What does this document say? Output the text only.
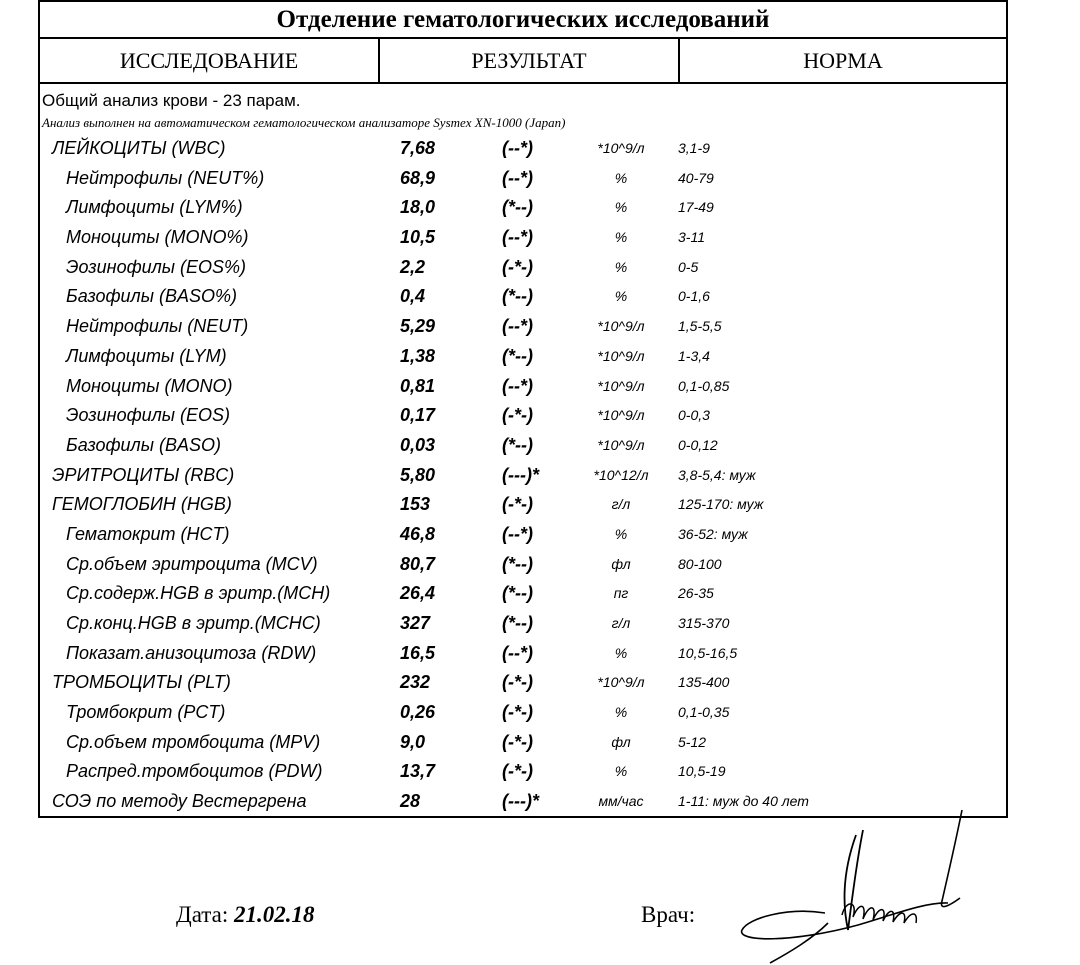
Отделение гематологических исследований
ИССЛЕДОВАНИЕ	РЕЗУЛЬТАТ	НОРМА
Общий анализ крови - 23 парам.
Анализ выполнен на автоматическом гематологическом анализаторе Sysmex XN-1000 (Japan)
ЛЕЙКОЦИТЫ (WBC)	7,68	(--*)	*10^9/л	3,1-9
Нейтрофилы (NEUT%)	68,9	(--*)	%	40-79
Лимфоциты (LYM%)	18,0	(*--)	%	17-49
Моноциты (MONO%)	10,5	(--*)	%	3-11
Эозинофилы (EOS%)	2,2	(-*-)	%	0-5
Базофилы (BASO%)	0,4	(*--)	%	0-1,6
Нейтрофилы (NEUT)	5,29	(--*)	*10^9/л	1,5-5,5
Лимфоциты (LYM)	1,38	(*--)	*10^9/л	1-3,4
Моноциты (MONO)	0,81	(--*)	*10^9/л	0,1-0,85
Эозинофилы (EOS)	0,17	(-*-)	*10^9/л	0-0,3
Базофилы (BASO)	0,03	(*--)	*10^9/л	0-0,12
ЭРИТРОЦИТЫ (RBC)	5,80	(---)*	*10^12/л	3,8-5,4: муж
ГЕМОГЛОБИН (HGB)	153	(-*-)	г/л	125-170: муж
Гематокрит (HCT)	46,8	(--*)	%	36-52: муж
Ср.объем эритроцита (MCV)	80,7	(*--)	фл	80-100
Ср.содерж.HGB в эритр.(MCH)	26,4	(*--)	пг	26-35
Ср.конц.HGB в эритр.(MCHC)	327	(*--)	г/л	315-370
Показат.анизоцитоза (RDW)	16,5	(--*)	%	10,5-16,5
ТРОМБОЦИТЫ (PLT)	232	(-*-)	*10^9/л	135-400
Тромбокрит (PCT)	0,26	(-*-)	%	0,1-0,35
Ср.объем тромбоцита (MPV)	9,0	(-*-)	фл	5-12
Распред.тромбоцитов (PDW)	13,7	(-*-)	%	10,5-19
СОЭ по методу Вестергрена	28	(---)*	мм/час	1-11: муж до 40 лет
Дата: 21.02.18	Врач:
